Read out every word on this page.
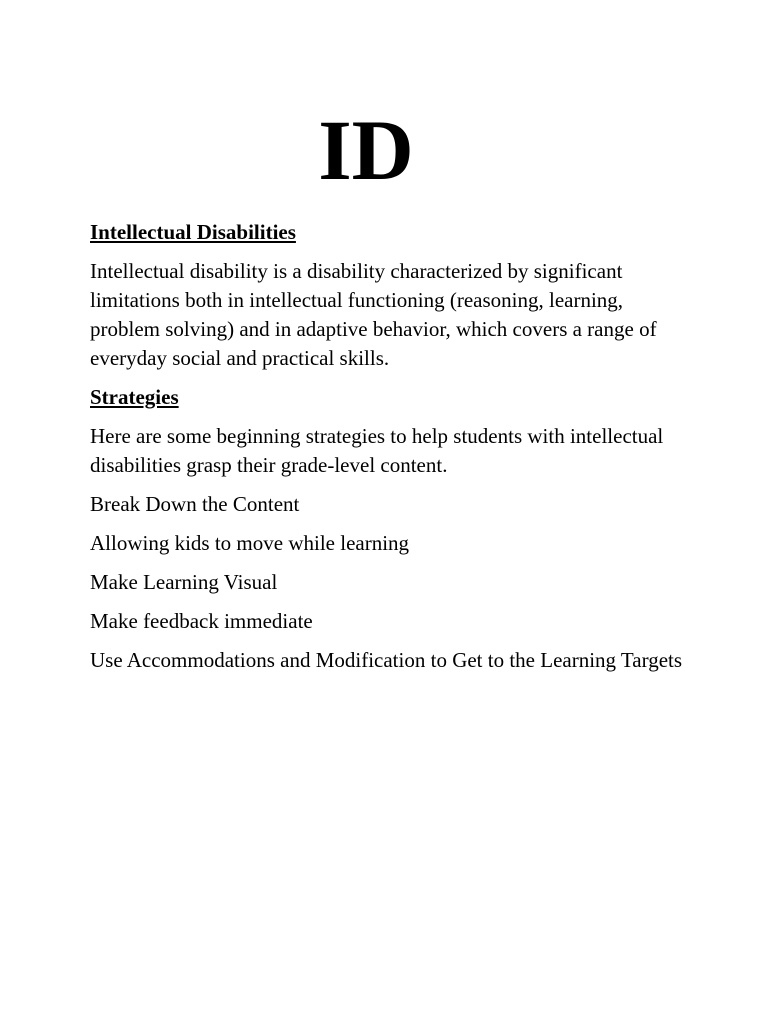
ID
Intellectual Disabilities

Intellectual disability is a disability characterized by significant limitations both in intellectual functioning (reasoning, learning, problem solving) and in adaptive behavior, which covers a range of everyday social and practical skills.

Strategies

Here are some beginning strategies to help students with intellectual disabilities grasp their grade-level content.

Break Down the Content
Allowing kids to move while learning
Make Learning Visual
Make feedback immediate
Use Accommodations and Modification to Get to the Learning Targets
